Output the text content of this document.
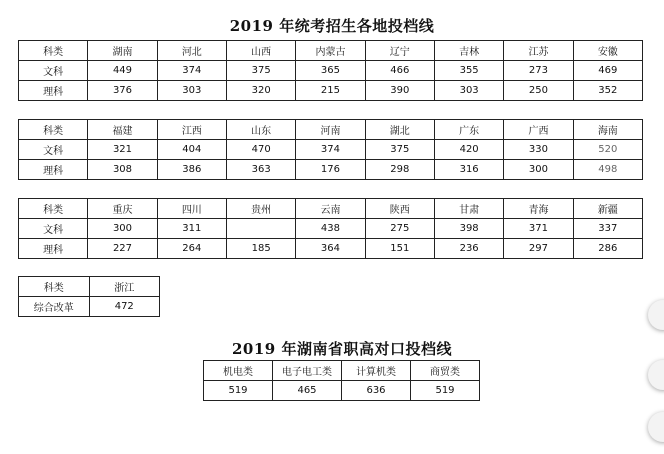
2019 年统考招生各地投档线
科类	湖南	河北	山西	内蒙古	辽宁	吉林	江苏	安徽
文科	449	374	375	365	466	355	273	469
理科	376	303	320	215	390	303	250	352
科类	福建	江西	山东	河南	湖北	广东	广西	海南
文科	321	404	470	374	375	420	330	520
理科	308	386	363	176	298	316	300	498
科类	重庆	四川	贵州	云南	陕西	甘肃	青海	新疆
文科	300	311		438	275	398	371	337
理科	227	264	185	364	151	236	297	286
科类	浙江
综合改革	472
2019 年湖南省职高对口投档线
机电类	电子电工类	计算机类	商贸类
519	465	636	519
